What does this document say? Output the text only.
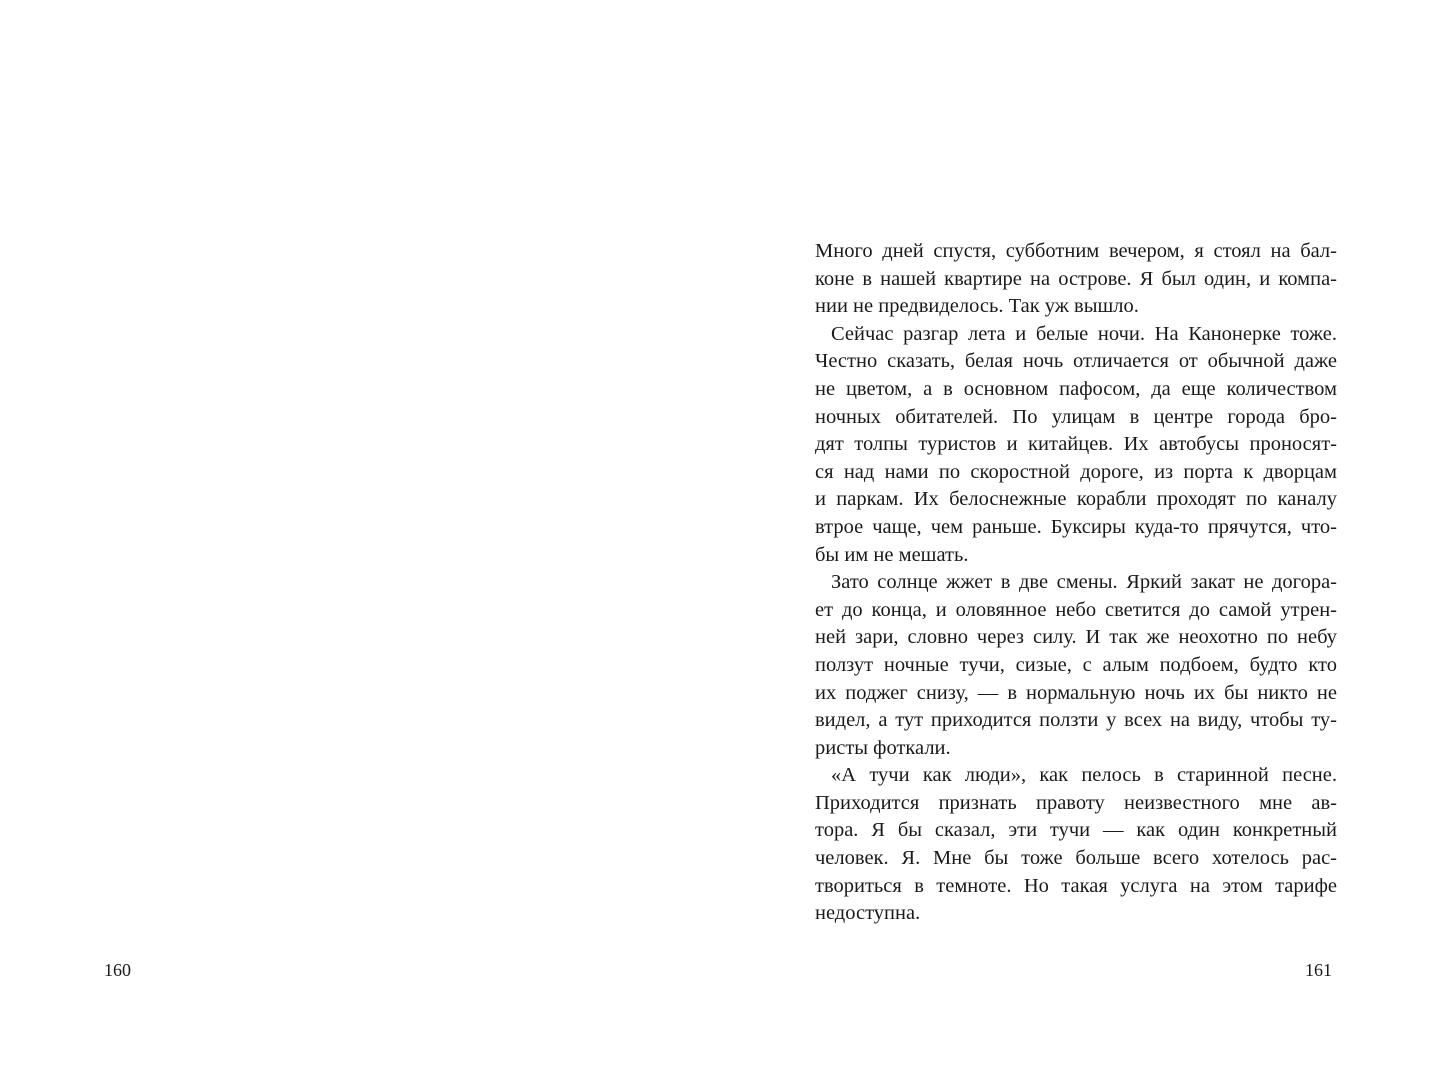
160
Много дней спустя, субботним вечером, я стоял на бал-
коне в нашей квартире на острове. Я был один, и компа-
нии не предвиделось. Так уж вышло.
Сейчас разгар лета и белые ночи. На Канонерке тоже.
Честно сказать, белая ночь отличается от обычной даже
не цветом, а в основном пафосом, да еще количеством
ночных обитателей. По улицам в центре города бро-
дят толпы туристов и китайцев. Их автобусы проносят-
ся над нами по скоростной дороге, из порта к дворцам
и паркам. Их белоснежные корабли проходят по каналу
втрое чаще, чем раньше. Буксиры куда-то прячутся, что-
бы им не мешать.
Зато солнце жжет в две смены. Яркий закат не догора-
ет до конца, и оловянное небо светится до самой утрен-
ней зари, словно через силу. И так же неохотно по небу
ползут ночные тучи, сизые, с алым подбоем, будто кто
их поджег снизу, — в нормальную ночь их бы никто не
видел, а тут приходится ползти у всех на виду, чтобы ту-
ристы фоткали.
«А тучи как люди», как пелось в старинной песне.
Приходится признать правоту неизвестного мне ав-
тора. Я бы сказал, эти тучи — как один конкретный
человек. Я. Мне бы тоже больше всего хотелось рас-
твориться в темноте. Но такая услуга на этом тарифе
недоступна.
161
